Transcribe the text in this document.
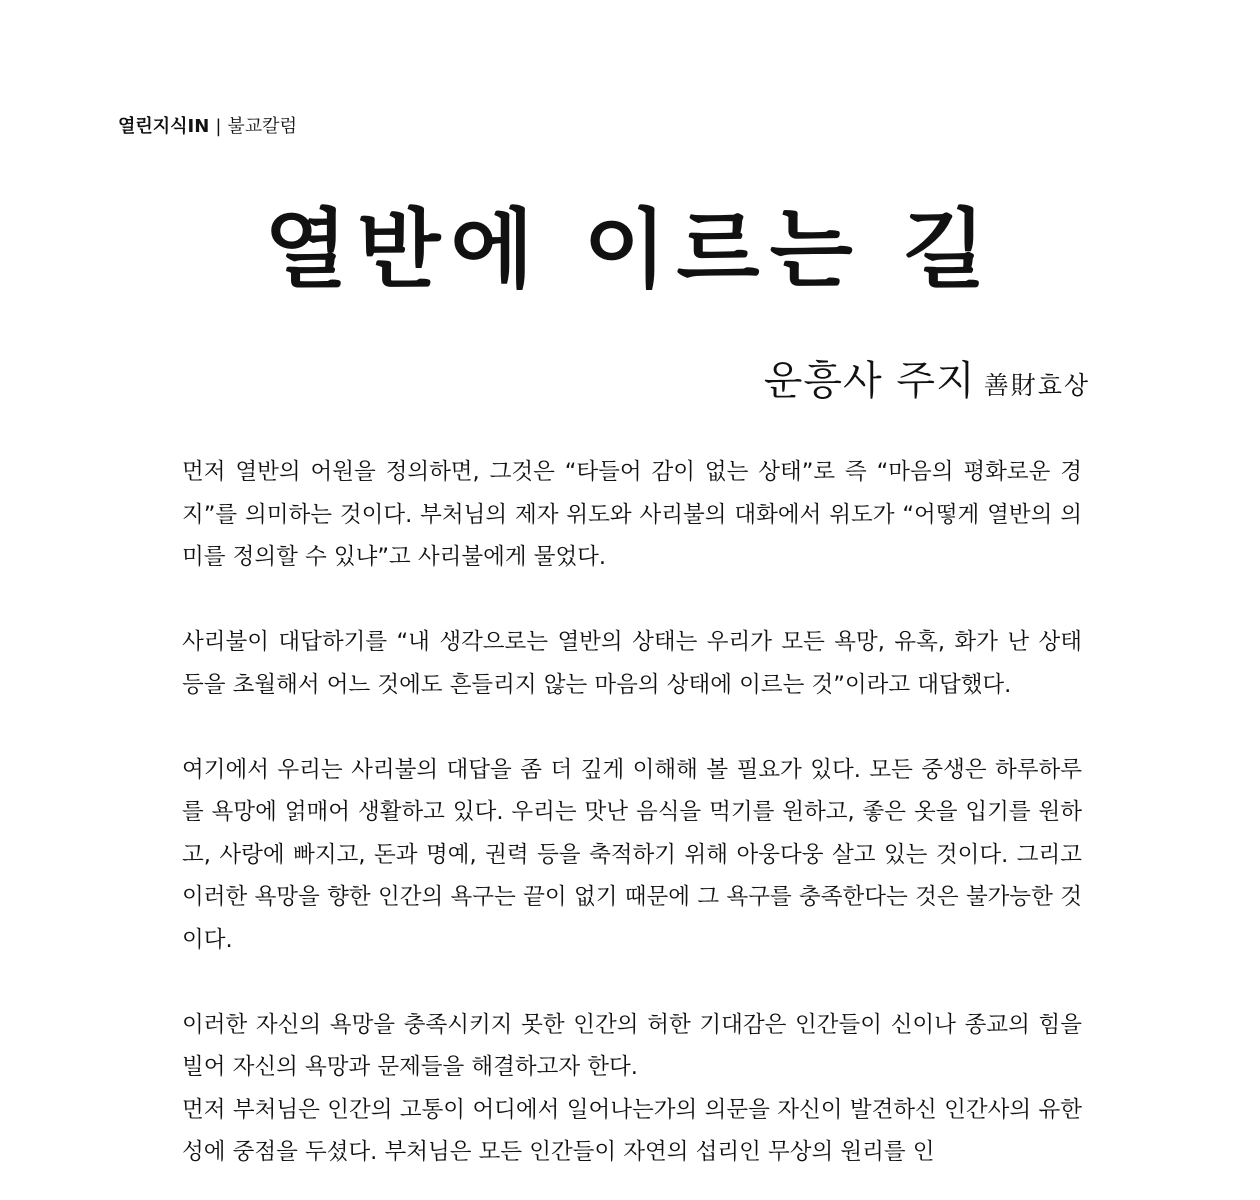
열린지식IN | 불교칼럼
열반에 이르는 길
운흥사 주지 善財효상

먼저 열반의 어원을 정의하면, 그것은 “타들어 감이 없는 상태”로 즉 “마음의 평화로운 경지”를 의미하는 것이다. 부처님의 제자 위도와 사리불의 대화에서 위도가 “어떻게 열반의 의미를 정의할 수 있냐”고 사리불에게 물었다.

사리불이 대답하기를 “내 생각으로는 열반의 상태는 우리가 모든 욕망, 유혹, 화가 난 상태 등을 초월해서 어느 것에도 흔들리지 않는 마음의 상태에 이르는 것”이라고 대답했다.

여기에서 우리는 사리불의 대답을 좀 더 깊게 이해해 볼 필요가 있다. 모든 중생은 하루하루를 욕망에 얽매어 생활하고 있다. 우리는 맛난 음식을 먹기를 원하고, 좋은 옷을 입기를 원하고, 사랑에 빠지고, 돈과 명예, 권력 등을 축적하기 위해 아웅다웅 살고 있는 것이다. 그리고 이러한 욕망을 향한 인간의 욕구는 끝이 없기 때문에 그 욕구를 충족한다는 것은 불가능한 것이다.

이러한 자신의 욕망을 충족시키지 못한 인간의 허한 기대감은 인간들이 신이나 종교의 힘을 빌어 자신의 욕망과 문제들을 해결하고자 한다.

먼저 부처님은 인간의 고통이 어디에서 일어나는가의 의문을 자신이 발견하신 인간사의 유한성에 중점을 두셨다. 부처님은 모든 인간들이 자연의 섭리인 무상의 원리를 인
